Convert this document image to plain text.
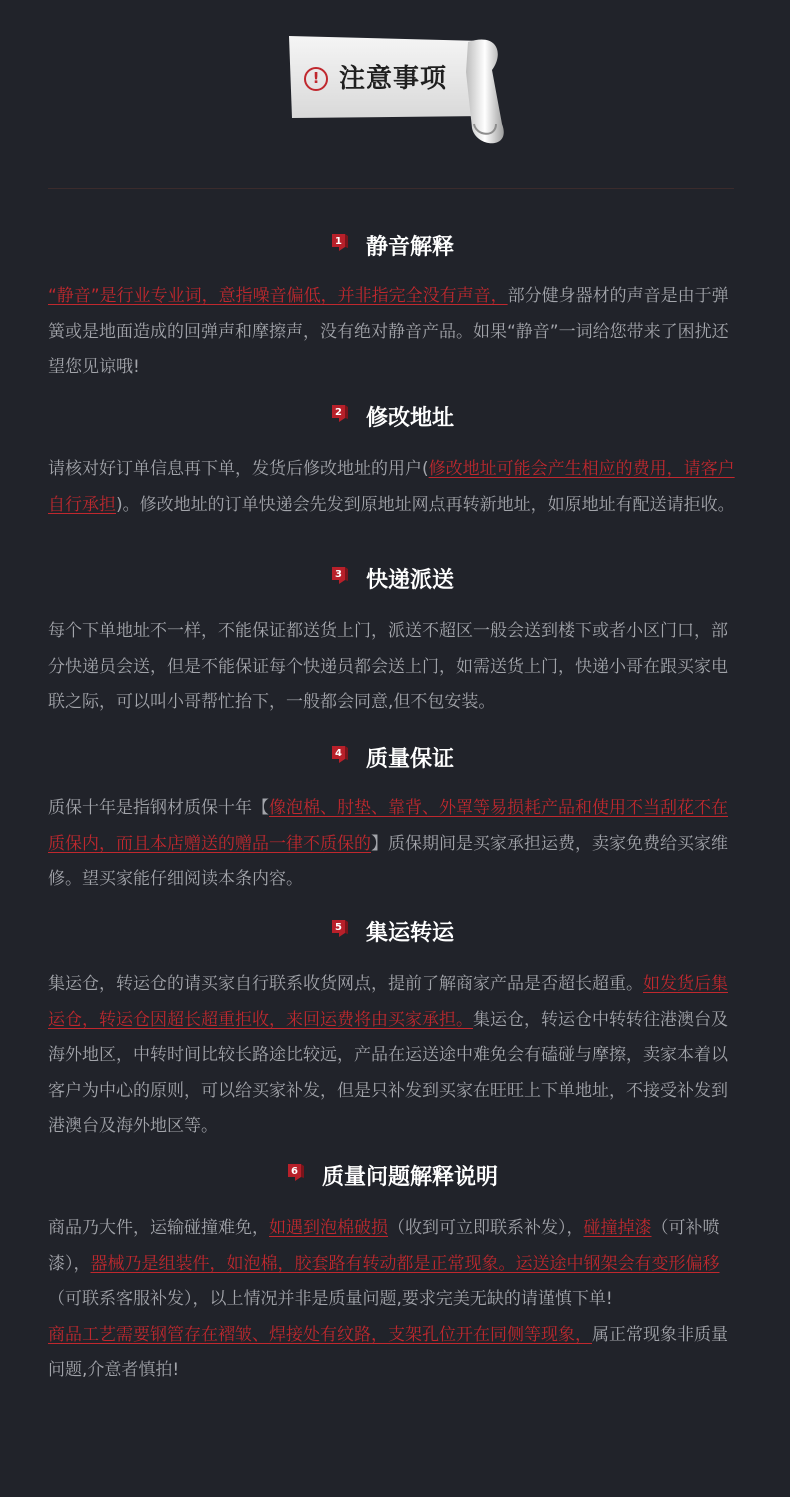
! 注意事项
1 静音解释

“静音”是行业专业词，意指噪音偏低，并非指完全没有声音，部分健身器材的声音是由于弹簧或是地面造成的回弹声和摩擦声，没有绝对静音产品。如果“静音”一词给您带来了困扰还望您见谅哦!

2 修改地址

请核对好订单信息再下单，发货后修改地址的用户(修改地址可能会产生相应的费用，请客户自行承担)。修改地址的订单快递会先发到原地址网点再转新地址，如原地址有配送请拒收。

3 快递派送

每个下单地址不一样，不能保证都送货上门，派送不超区一般会送到楼下或者小区门口，部分快递员会送，但是不能保证每个快递员都会送上门，如需送货上门，快递小哥在跟买家电联之际，可以叫小哥帮忙抬下，一般都会同意,但不包安装。

4 质量保证

质保十年是指钢材质保十年【像泡棉、肘垫、靠背、外罩等易损耗产品和使用不当刮花不在质保内，而且本店赠送的赠品一律不质保的】质保期间是买家承担运费，卖家免费给买家维修。望买家能仔细阅读本条内容。

5 集运转运

集运仓，转运仓的请买家自行联系收货网点，提前了解商家产品是否超长超重。如发货后集运仓，转运仓因超长超重拒收，来回运费将由买家承担。集运仓，转运仓中转转往港澳台及海外地区，中转时间比较长路途比较远，产品在运送途中难免会有磕碰与摩擦，卖家本着以客户为中心的原则，可以给买家补发，但是只补发到买家在旺旺上下单地址，不接受补发到港澳台及海外地区等。

6 质量问题解释说明

商品乃大件，运输碰撞难免，如遇到泡棉破损（收到可立即联系补发），碰撞掉漆（可补喷漆），器械乃是组装件，如泡棉，胶套路有转动都是正常现象。运送途中钢架会有变形偏移（可联系客服补发），以上情况并非是质量问题,要求完美无缺的请谨慎下单!

商品工艺需要钢管存在褶皱、焊接处有纹路，支架孔位开在同侧等现象，属正常现象非质量问题,介意者慎拍!
